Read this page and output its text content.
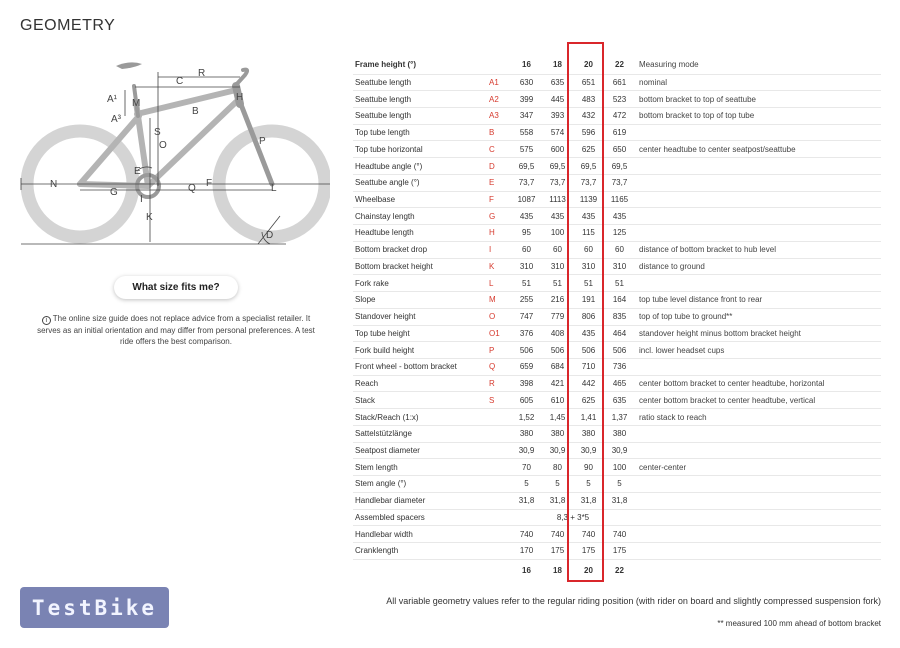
GEOMETRY
R
C
A¹ M
A³
H
B
S
O	P
N
E
I
G	Q F	L
K
D
What size fits me?

i The online size guide does not replace advice from a specialist retailer. It serves as an initial orientation and may differ from personal preferences. A test ride offers the best comparison.

Frame height (°)		16	18	20	22	Measuring mode
Seattube length	A1	630	635	651	661	nominal
Seattube length	A2	399	445	483	523	bottom bracket to top of seattube
Seattube length	A3	347	393	432	472	bottom bracket to top of top tube
Top tube length	B	558	574	596	619	
Top tube horizontal	C	575	600	625	650	center headtube to center seatpost/seattube
Headtube angle (°)	D	69,5	69,5	69,5	69,5	
Seattube angle (°)	E	73,7	73,7	73,7	73,7	
Wheelbase	F	1087	1113	1139	1165	
Chainstay length	G	435	435	435	435	
Headtube length	H	95	100	115	125	
Bottom bracket drop	I	60	60	60	60	distance of bottom bracket to hub level
Bottom bracket height	K	310	310	310	310	distance to ground
Fork rake	L	51	51	51	51	
Slope	M	255	216	191	164	top tube level distance front to rear
Standover height	O	747	779	806	835	top of top tube to ground**
Top tube height	O1	376	408	435	464	standover height minus bottom bracket height
Fork build height	P	506	506	506	506	incl. lower headset cups
Front wheel - bottom bracket	Q	659	684	710	736	
Reach	R	398	421	442	465	center bottom bracket to center headtube, horizontal
Stack	S	605	610	625	635	center bottom bracket to center headtube, vertical
Stack/Reach (1:x)		1,52	1,45	1,41	1,37	ratio stack to reach
Sattelstützlänge		380	380	380	380	
Seatpost diameter		30,9	30,9	30,9	30,9	
Stem length		70	80	90	100	center-center
Stem angle (°)		5	5	5	5	
Handlebar diameter		31,8	31,8	31,8	31,8	
Assembled spacers			8,3 + 3*5			
Handlebar width		740	740	740	740	
Cranklength		170	175	175	175	
		16	18	20	22	
All variable geometry values refer to the regular riding position (with rider on board and slightly compressed suspension fork)
** measured 100 mm ahead of bottom bracket
TestBike
